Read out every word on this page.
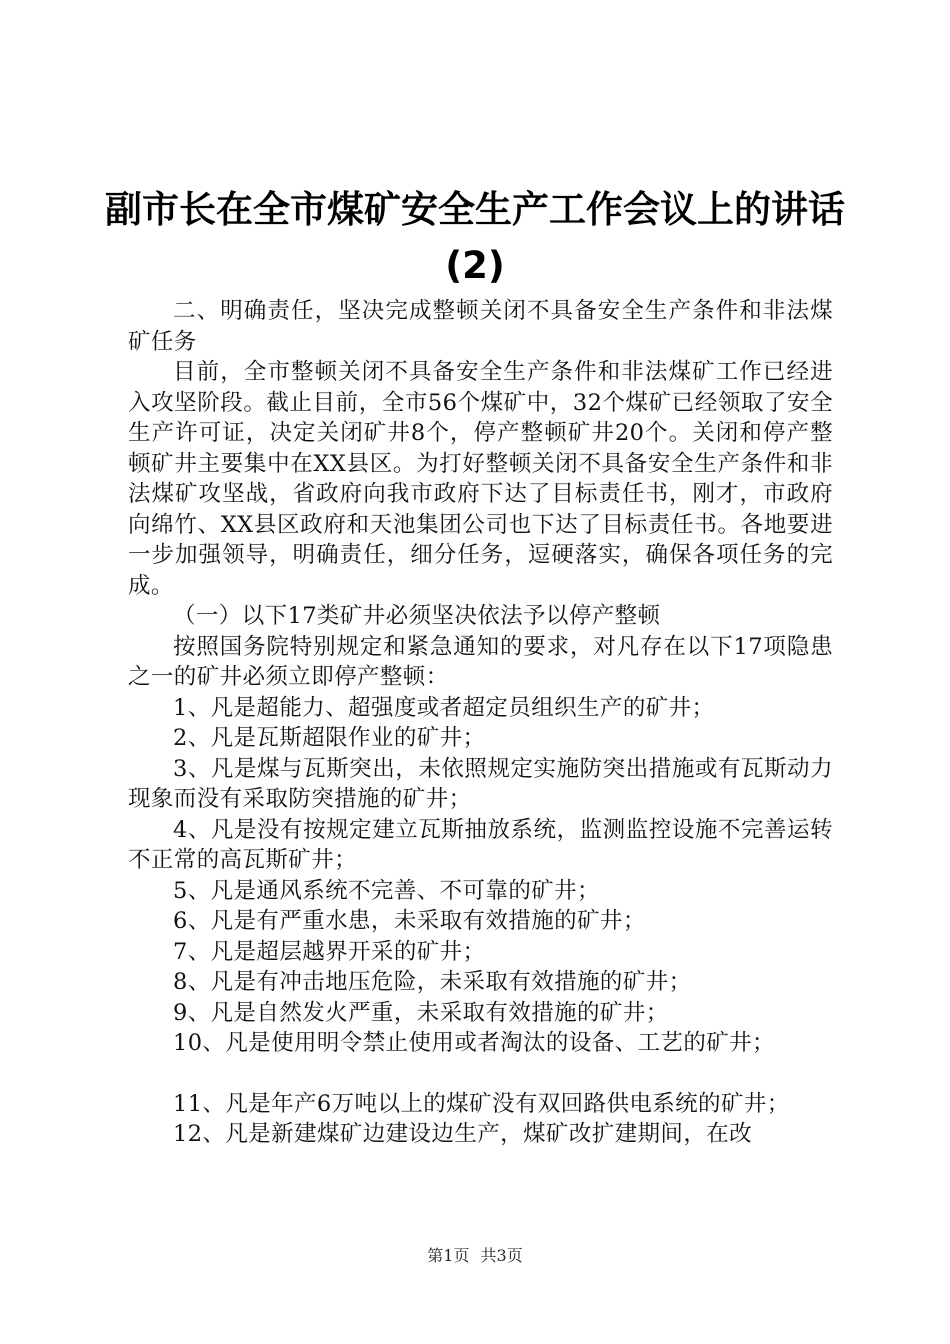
副市长在全市煤矿安全生产工作会议上的讲话
(2)

二、明确责任，坚决完成整顿关闭不具备安全生产条件和非法煤矿任务

目前，全市整顿关闭不具备安全生产条件和非法煤矿工作已经进入攻坚阶段。截止目前，全市56个煤矿中，32个煤矿已经领取了安全生产许可证，决定关闭矿井8个，停产整顿矿井20个。关闭和停产整顿矿井主要集中在XX县区。为打好整顿关闭不具备安全生产条件和非法煤矿攻坚战，省政府向我市政府下达了目标责任书，刚才，市政府向绵竹、XX县区政府和天池集团公司也下达了目标责任书。各地要进一步加强领导，明确责任，细分任务，逗硬落实，确保各项任务的完成。

（一）以下17类矿井必须坚决依法予以停产整顿

按照国务院特别规定和紧急通知的要求，对凡存在以下17项隐患之一的矿井必须立即停产整顿：

1、凡是超能力、超强度或者超定员组织生产的矿井；

2、凡是瓦斯超限作业的矿井；

3、凡是煤与瓦斯突出，未依照规定实施防突出措施或有瓦斯动力现象而没有采取防突措施的矿井；

4、凡是没有按规定建立瓦斯抽放系统，监测监控设施不完善运转不正常的高瓦斯矿井；

5、凡是通风系统不完善、不可靠的矿井；

6、凡是有严重水患，未采取有效措施的矿井；

7、凡是超层越界开采的矿井；

8、凡是有冲击地压危险，未采取有效措施的矿井；

9、凡是自然发火严重，未采取有效措施的矿井；

10、凡是使用明令禁止使用或者淘汰的设备、工艺的矿井；

11、凡是年产6万吨以上的煤矿没有双回路供电系统的矿井；

12、凡是新建煤矿边建设边生产，煤矿改扩建期间，在改

第1页 共3页
